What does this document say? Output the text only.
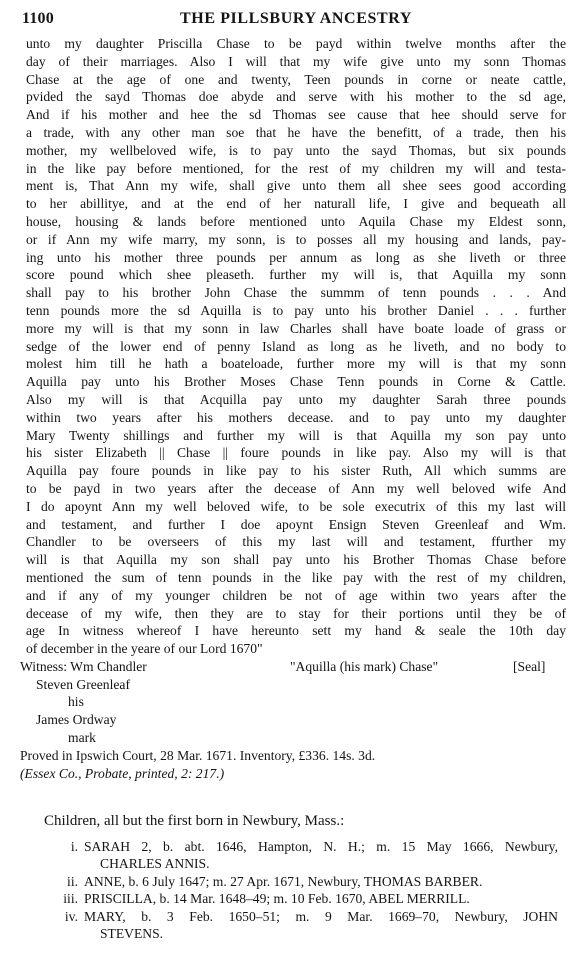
1100	THE PILLSBURY ANCESTRY
unto my daughter Priscilla Chase to be payd within twelve months after the
day of their marriages. Also I will that my wife give unto my sonn Thomas
Chase at the age of one and twenty, Teen pounds in corne or neate cattle,
pvided the sayd Thomas doe abyde and serve with his mother to the sd age,
And if his mother and hee the sd Thomas see cause that hee should serve for
a trade, with any other man soe that he have the benefitt, of a trade, then his
mother, my wellbeloved wife, is to pay unto the sayd Thomas, but six pounds
in the like pay before mentioned, for the rest of my children my will and testa-
ment is, That Ann my wife, shall give unto them all shee sees good according
to her abillitye, and at the end of her naturall life, I give and bequeath all
house, housing & lands before mentioned unto Aquila Chase my Eldest sonn,
or if Ann my wife marry, my sonn, is to posses all my housing and lands, pay-
ing unto his mother three pounds per annum as long as she liveth or three
score pound which shee pleaseth. further my will is, that Aquilla my sonn
shall pay to his brother John Chase the summm of tenn pounds . . . And
tenn pounds more the sd Aquilla is to pay unto his brother Daniel . . . further
more my will is that my sonn in law Charles shall have boate loade of grass or
sedge of the lower end of penny Island as long as he liveth, and no body to
molest him till he hath a boateloade, further more my will is that my sonn
Aquilla pay unto his Brother Moses Chase Tenn pounds in Corne & Cattle.
Also my will is that Acquilla pay unto my daughter Sarah three pounds
within two years after his mothers decease. and to pay unto my daughter
Mary Twenty shillings and further my will is that Aquilla my son pay unto
his sister Elizabeth || Chase || foure pounds in like pay. Also my will is that
Aquilla pay foure pounds in like pay to his sister Ruth, All which summs are
to be payd in two years after the decease of Ann my well beloved wife And
I do apoynt Ann my well beloved wife, to be sole executrix of this my last will
and testament, and further I doe apoynt Ensign Steven Greenleaf and Wm.
Chandler to be overseers of this my last will and testament, ffurther my
will is that Aquilla my son shall pay unto his Brother Thomas Chase before
mentioned the sum of tenn pounds in the like pay with the rest of my children,
and if any of my younger children be not of age within two years after the
decease of my wife, then they are to stay for their portions until they be of
age In witness whereof I have hereunto sett my hand & seale the 10th day
of december in the yeare of our Lord 1670"
Witness: Wm Chandler	"Aquilla (his mark) Chase"	[Seal]
Steven Greenleaf
his
James Ordway
mark
Proved in Ipswich Court, 28 Mar. 1671. Inventory, £336. 14s. 3d.
(Essex Co., Probate, printed, 2: 217.)
Children, all but the first born in Newbury, Mass.:
i. SARAH 2, b. abt. 1646, Hampton, N. H.; m. 15 May 1666, Newbury,
CHARLES ANNIS.
ii. ANNE, b. 6 July 1647; m. 27 Apr. 1671, Newbury, THOMAS BARBER.
iii. PRISCILLA, b. 14 Mar. 1648–49; m. 10 Feb. 1670, ABEL MERRILL.
iv. MARY, b. 3 Feb. 1650–51; m. 9 Mar. 1669–70, Newbury, JOHN
STEVENS.
